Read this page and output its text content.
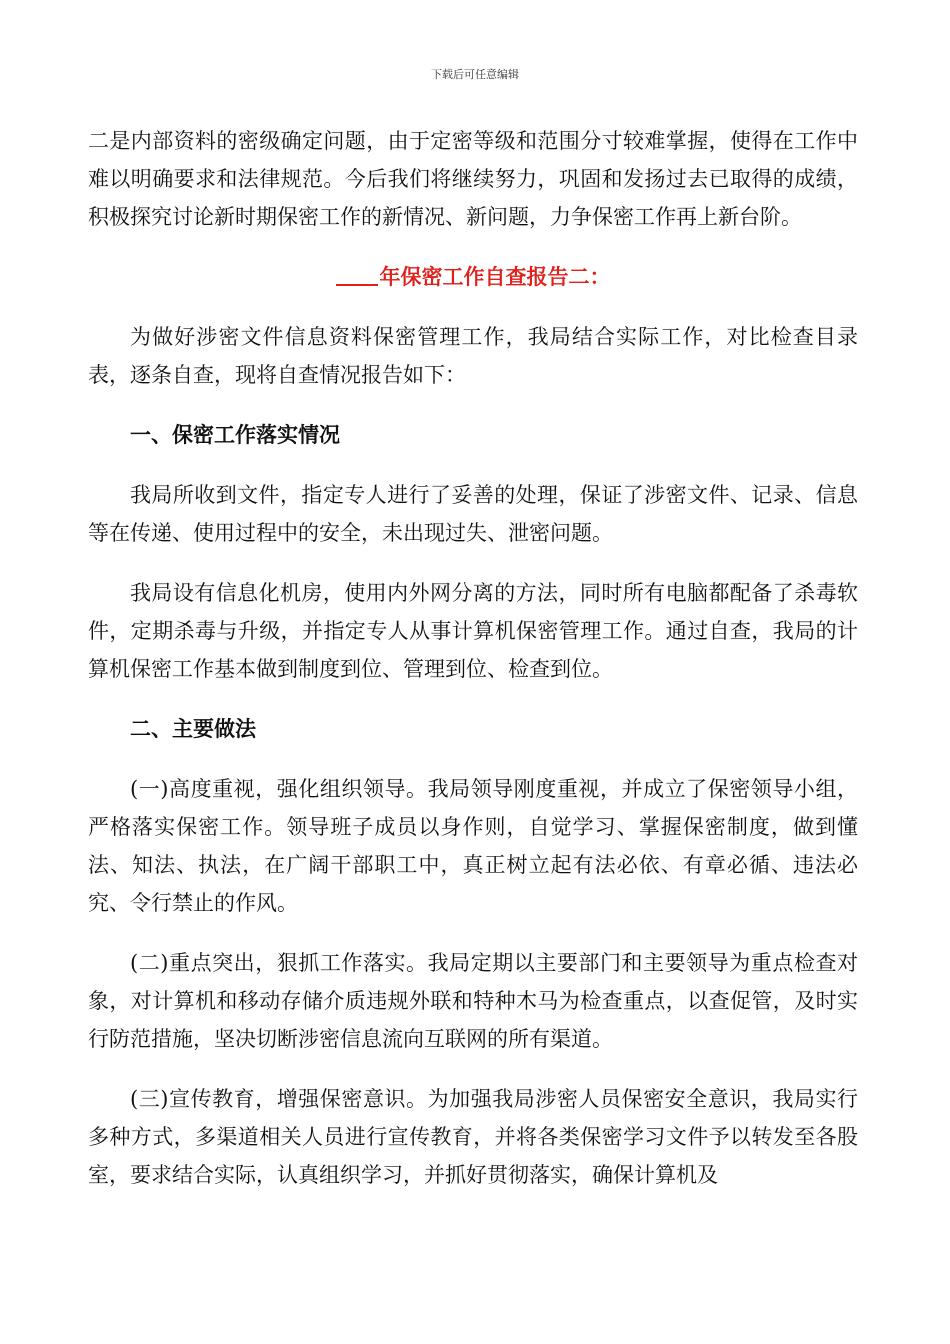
下载后可任意编辑

二是内部资料的密级确定问题，由于定密等级和范围分寸较难掌握，使得在工作中难以明确要求和法律规范。今后我们将继续努力，巩固和发扬过去已取得的成绩，积极探究讨论新时期保密工作的新情况、新问题，力争保密工作再上新台阶。

年保密工作自查报告二：

为做好涉密文件信息资料保密管理工作，我局结合实际工作，对比检查目录表，逐条自查，现将自查情况报告如下：

一、保密工作落实情况

我局所收到文件，指定专人进行了妥善的处理，保证了涉密文件、记录、信息等在传递、使用过程中的安全，未出现过失、泄密问题。

我局设有信息化机房，使用内外网分离的方法，同时所有电脑都配备了杀毒软件，定期杀毒与升级，并指定专人从事计算机保密管理工作。通过自查，我局的计算机保密工作基本做到制度到位、管理到位、检查到位。

二、主要做法

(一)高度重视，强化组织领导。我局领导刚度重视，并成立了保密领导小组，严格落实保密工作。领导班子成员以身作则，自觉学习、掌握保密制度，做到懂法、知法、执法，在广阔干部职工中，真正树立起有法必依、有章必循、违法必究、令行禁止的作风。

(二)重点突出，狠抓工作落实。我局定期以主要部门和主要领导为重点检查对象，对计算机和移动存储介质违规外联和特种木马为检查重点，以查促管，及时实行防范措施，坚决切断涉密信息流向互联网的所有渠道。

(三)宣传教育，增强保密意识。为加强我局涉密人员保密安全意识，我局实行多种方式，多渠道相关人员进行宣传教育，并将各类保密学习文件予以转发至各股室，要求结合实际，认真组织学习，并抓好贯彻落实，确保计算机及
